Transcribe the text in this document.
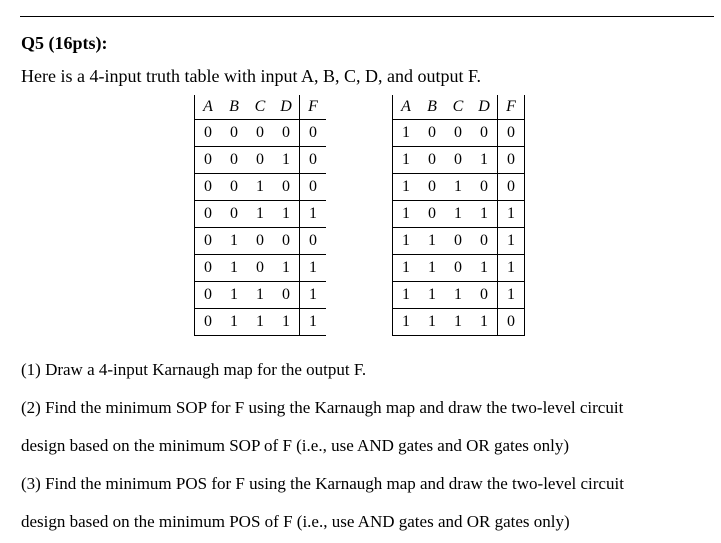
Q5 (16pts):
Here is a 4-input truth table with input A, B, C, D, and output F.
A	B	C	D	F
0	0	0	0	0
0	0	0	1	0
0	0	1	0	0
0	0	1	1	1
0	1	0	0	0
0	1	0	1	1
0	1	1	0	1
0	1	1	1	1
A	B	C	D	F
1	0	0	0	0
1	0	0	1	0
1	0	1	0	0
1	0	1	1	1
1	1	0	0	1
1	1	0	1	1
1	1	1	0	1
1	1	1	1	0
(1) Draw a 4-input Karnaugh map for the output F.
(2) Find the minimum SOP for F using the Karnaugh map and draw the two-level circuit
design based on the minimum SOP of F (i.e., use AND gates and OR gates only)
(3) Find the minimum POS for F using the Karnaugh map and draw the two-level circuit
design based on the minimum POS of F (i.e., use AND gates and OR gates only)
